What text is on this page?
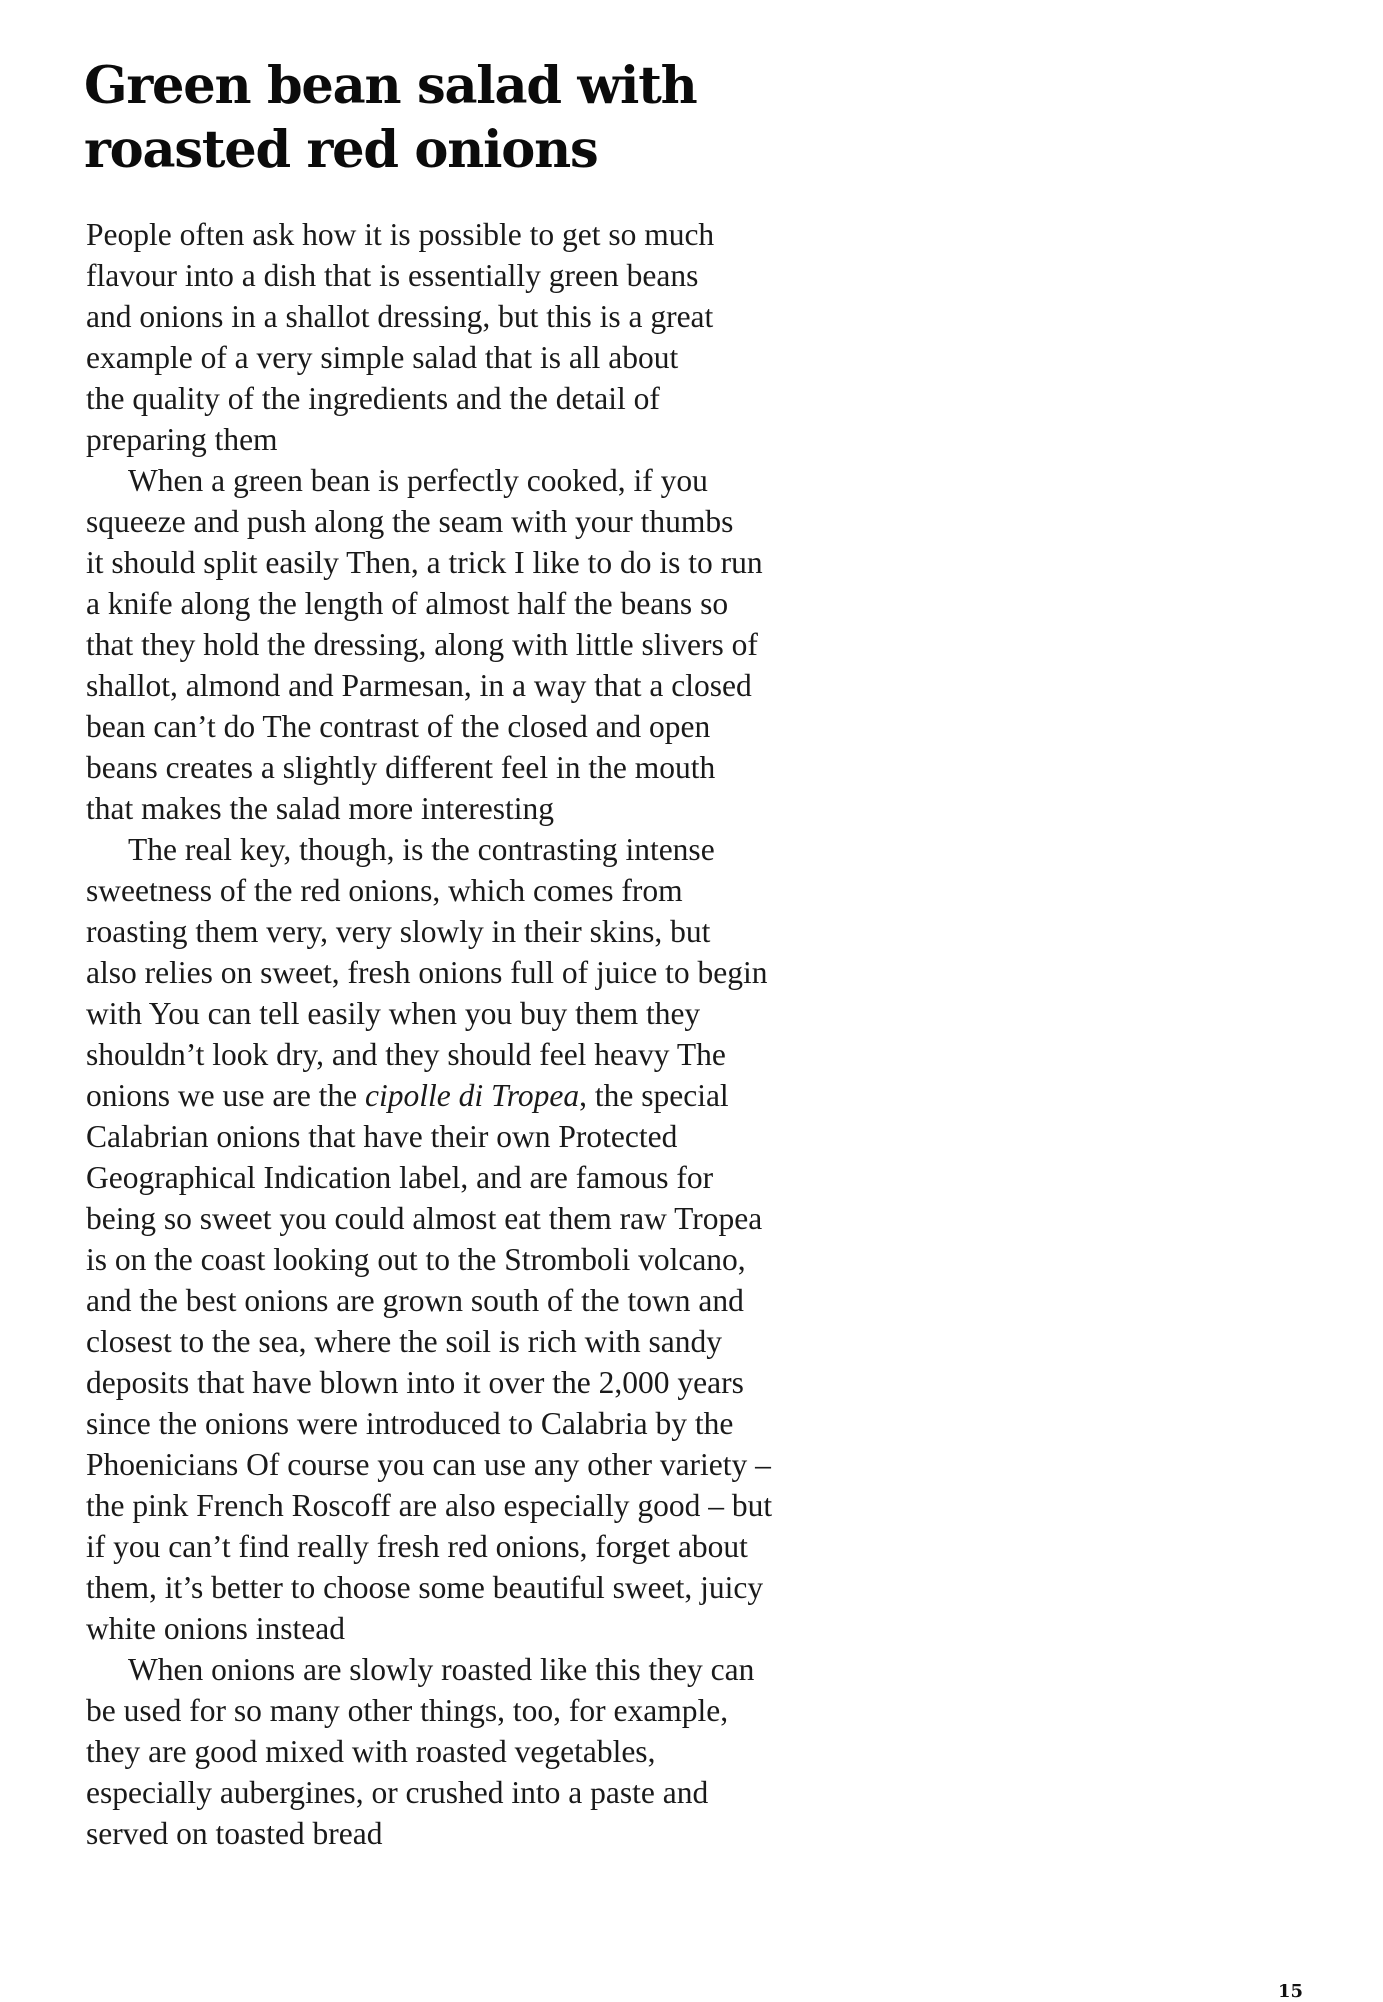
Green bean salad with
roasted red onions

People often ask how it is possible to get so much
flavour into a dish that is essentially green beans
and onions in a shallot dressing, but this is a great
example of a very simple salad that is all about
the quality of the ingredients and the detail of
preparing them

When a green bean is perfectly cooked, if you
squeeze and push along the seam with your thumbs
it should split easily Then, a trick I like to do is to run
a knife along the length of almost half the beans so
that they hold the dressing, along with little slivers of
shallot, almond and Parmesan, in a way that a closed
bean can’t do The contrast of the closed and open
beans creates a slightly different feel in the mouth
that makes the salad more interesting

The real key, though, is the contrasting intense
sweetness of the red onions, which comes from
roasting them very, very slowly in their skins, but
also relies on sweet, fresh onions full of juice to begin
with You can tell easily when you buy them they
shouldn’t look dry, and they should feel heavy The
onions we use are the cipolle di Tropea, the special
Calabrian onions that have their own Protected
Geographical Indication label, and are famous for
being so sweet you could almost eat them raw Tropea
is on the coast looking out to the Stromboli volcano,
and the best onions are grown south of the town and
closest to the sea, where the soil is rich with sandy
deposits that have blown into it over the 2,000 years
since the onions were introduced to Calabria by the
Phoenicians Of course you can use any other variety –
the pink French Roscoff are also especially good – but
if you can’t find really fresh red onions, forget about
them, it’s better to choose some beautiful sweet, juicy
white onions instead

When onions are slowly roasted like this they can
be used for so many other things, too, for example,
they are good mixed with roasted vegetables,
especially aubergines, or crushed into a paste and
served on toasted bread

15
